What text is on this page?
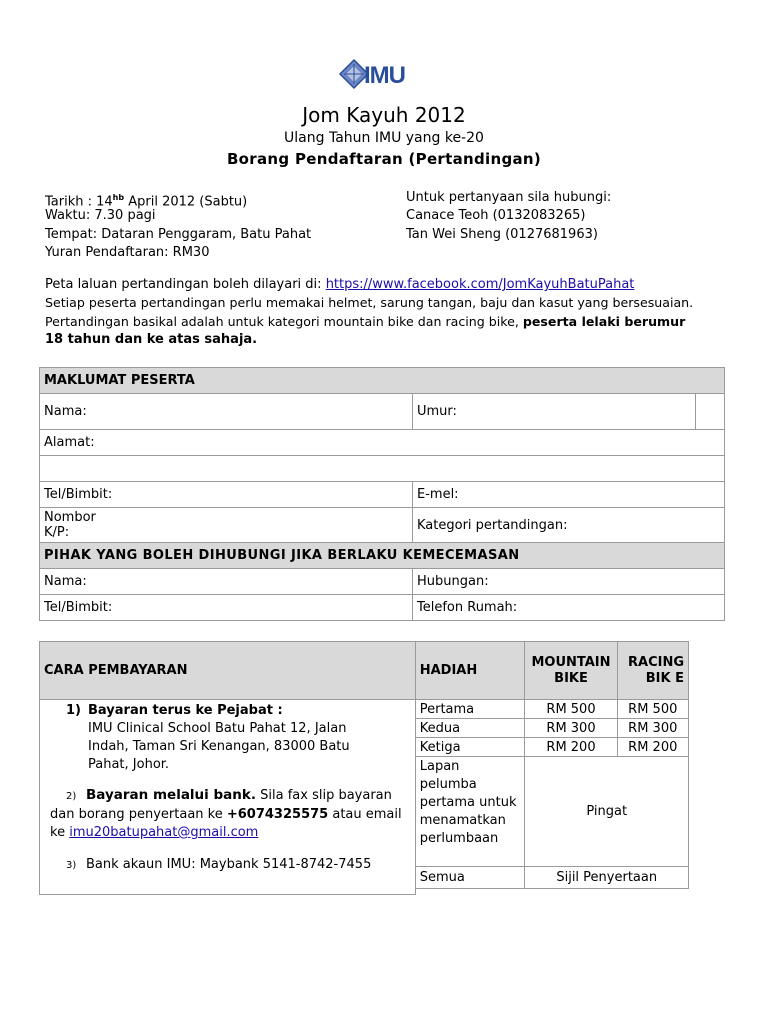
IMU
Jom Kayuh 2012
Ulang Tahun IMU yang ke-20
Borang Pendaftaran (Pertandingan)
Tarikh : $14^{hb}$ April 2012 (Sabtu)
Waktu: 7.30 pagi
Tempat: Dataran Penggaram, Batu Pahat
Yuran Pendaftaran: RM30
Untuk pertanyaan sila hubungi:
Canace Teoh (0132083265)
Tan Wei Sheng (0127681963)
Peta laluan pertandingan boleh dilayari di: https://www.facebook.com/JomKayuhBatuPahat
Setiap peserta pertandingan perlu memakai helmet, sarung tangan, baju dan kasut yang bersesuaian.
Pertandingan basikal adalah untuk kategori mountain bike dan racing bike, peserta lelaki berumur
18 tahun dan ke atas sahaja.
MAKLUMAT PESERTA		
Nama:	Umur:	
Alamat:		

Tel/Bimbit:	E-mel:	

Nombor
K/P:	Kategori pertandingan:	
PIHAK YANG BOLEH DIHUBUNGI JIKA BERLAKU KEMECEMASAN		
Nama:	Hubungan:	
Tel/Bimbit:	Telefon Rumah:	
CARA PEMBAYARAN	HADIAH	MOUNTAIN BIKE	RACING BIK E

1) Bayaran terus ke Pejabat :
IMU Clinical School Batu Pahat 12, Jalan Indah, Taman Sri Kenangan, 83000 Batu Pahat, Johor.
2) Bayaran melalui bank. Sila fax slip bayaran dan borang penyertaan ke +6074325575 atau email ke imu20batupahat@gmail.com
3) Bank akaun IMU: Maybank 5141-8742-7455	Pertama	RM 500	RM 500
	Kedua	RM 300	RM 300
	Ketiga	RM 200	RM 200
	Lapan pelumba pertama untuk menamatkan perlumbaan	Pingat	
	Semua	Sijil Penyertaan	
